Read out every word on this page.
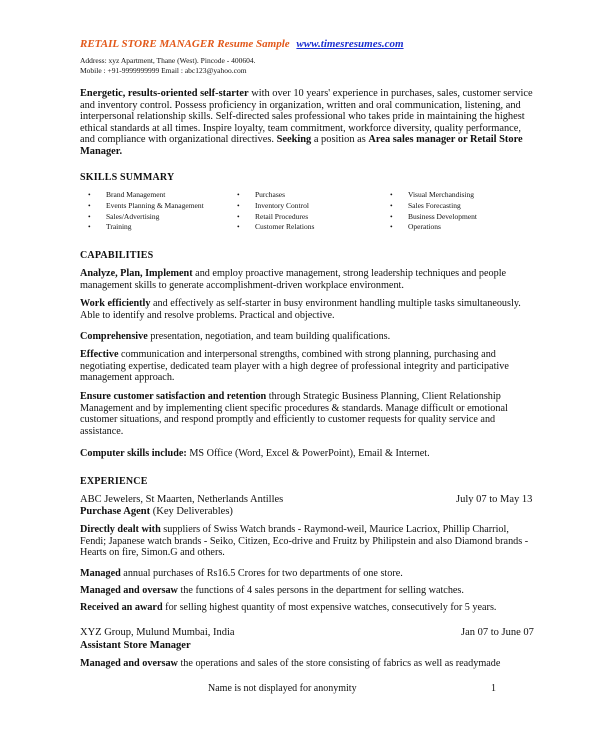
RETAIL STORE MANAGER Resume Sample www.timesresumes.com
Address: xyz Apartment, Thane (West). Pincode - 400604.
Mobile : +91-9999999999 Email : abc123@yahoo.com
Energetic, results-oriented self-starter with over 10 years' experience in purchases, sales, customer service and inventory control. Possess proficiency in organization, written and oral communication, listening, and interpersonal relationship skills. Self-directed sales professional who takes pride in maintaining the highest ethical standards at all times. Inspire loyalty, team commitment, workforce diversity, quality performance, and compliance with organizational directives. Seeking a position as Area sales manager or Retail Store Manager.
SKILLS SUMMARY
•	Brand Management
•	Events Planning & Management
•	Sales/Advertising
•	Training
•	Purchases
•	Inventory Control
•	Retail Procedures
•	Customer Relations
•	Visual Merchandising
•	Sales Forecasting
•	Business Development
•	Operations
CAPABILITIES
Analyze, Plan, Implement and employ proactive management, strong leadership techniques and people management skills to generate accomplishment-driven workplace environment.
Work efficiently and effectively as self-starter in busy environment handling multiple tasks simultaneously. Able to identify and resolve problems. Practical and objective.
Comprehensive presentation, negotiation, and team building qualifications.
Effective communication and interpersonal strengths, combined with strong planning, purchasing and negotiating expertise, dedicated team player with a high degree of professional integrity and participative management approach.
Ensure customer satisfaction and retention through Strategic Business Planning, Client Relationship Management and by implementing client specific procedures & standards. Manage difficult or emotional customer situations, and respond promptly and efficiently to customer requests for quality service and assistance.
Computer skills include: MS Office (Word, Excel & PowerPoint), Email & Internet.
EXPERIENCE
ABC Jewelers, St Maarten, Netherlands Antilles	July 07 to May 13
Purchase Agent (Key Deliverables)
Directly dealt with suppliers of Swiss Watch brands - Raymond-weil, Maurice Lacriox, Phillip Charriol, Fendi; Japanese watch brands - Seiko, Citizen, Eco-drive and Fruitz by Philipstein and also Diamond brands - Hearts on fire, Simon.G and others.
Managed annual purchases of Rs16.5 Crores for two departments of one store.
Managed and oversaw the functions of 4 sales persons in the department for selling watches.
Received an award for selling highest quantity of most expensive watches, consecutively for 5 years.
XYZ Group, Mulund Mumbai, India	Jan 07 to June 07
Assistant Store Manager
Managed and oversaw the operations and sales of the store consisting of fabrics as well as readymade
Name is not displayed for anonymity	1
